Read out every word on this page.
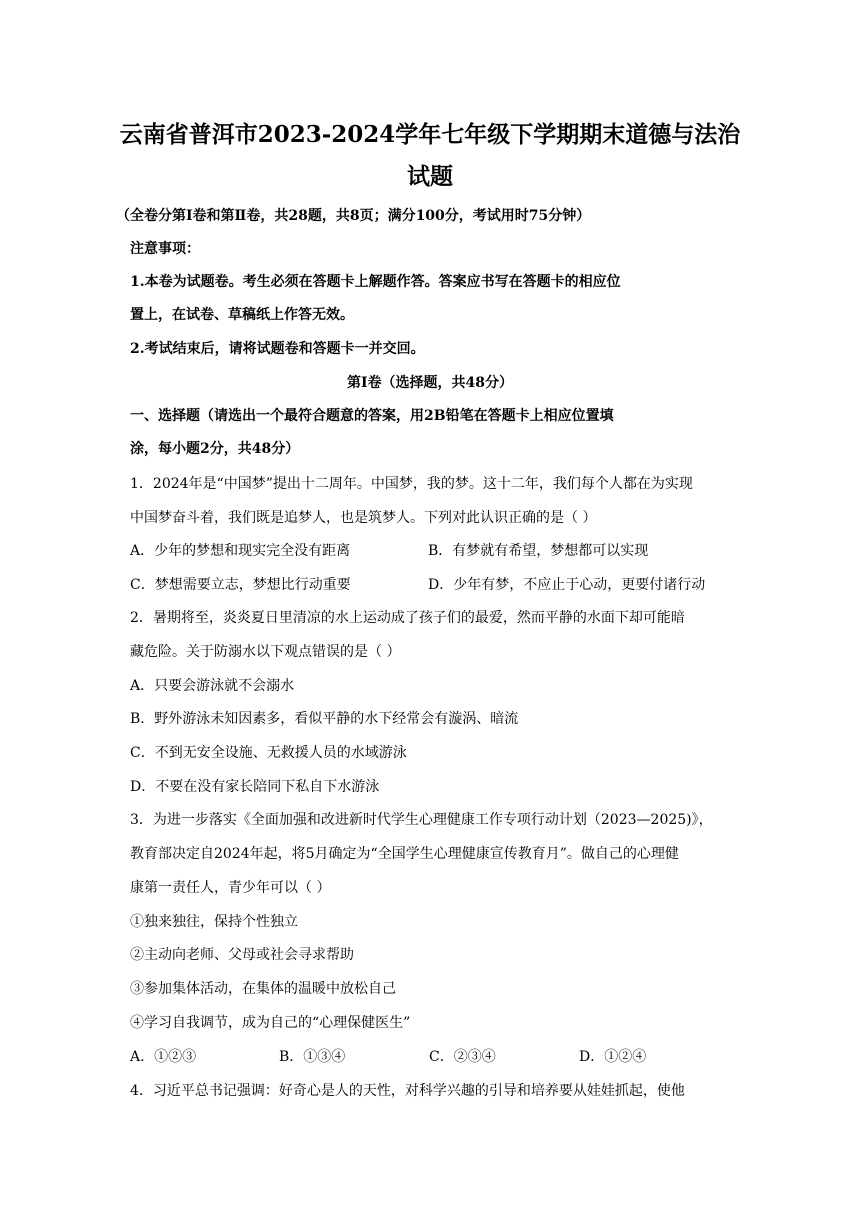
云南省普洱市2023-2024学年七年级下学期期末道德与法治
试题
（全卷分第Ⅰ卷和第Ⅱ卷，共28题，共8页；满分100分，考试用时75分钟）
注意事项：
1.本卷为试题卷。考生必须在答题卡上解题作答。答案应书写在答题卡的相应位
置上，在试卷、草稿纸上作答无效。
2.考试结束后，请将试题卷和答题卡一并交回。
第Ⅰ卷（选择题，共48分）
一、选择题（请选出一个最符合题意的答案，用2B铅笔在答题卡上相应位置填
涂，每小题2分，共48分）
1．2024年是“中国梦”提出十二周年。中国梦，我的梦。这十二年，我们每个人都在为实现
中国梦奋斗着，我们既是追梦人，也是筑梦人。下列对此认识正确的是（ ）
A．少年的梦想和现实完全没有距离	B．有梦就有希望，梦想都可以实现
C．梦想需要立志，梦想比行动重要	D．少年有梦，不应止于心动，更要付诸行动
2．暑期将至，炎炎夏日里清凉的水上运动成了孩子们的最爱，然而平静的水面下却可能暗
藏危险。关于防溺水以下观点错误的是（ ）
A．只要会游泳就不会溺水
B．野外游泳未知因素多，看似平静的水下经常会有漩涡、暗流
C．不到无安全设施、无救援人员的水域游泳
D．不要在没有家长陪同下私自下水游泳
3．为进一步落实《全面加强和改进新时代学生心理健康工作专项行动计划（2023—2025)》，
教育部决定自2024年起，将5月确定为“全国学生心理健康宣传教育月”。做自己的心理健
康第一责任人，青少年可以（ ）
①独来独往，保持个性独立
②主动向老师、父母或社会寻求帮助
③参加集体活动，在集体的温暖中放松自己
④学习自我调节，成为自己的“心理保健医生”
A．①②③	B．①③④	C．②③④	D．①②④
4．习近平总书记强调：好奇心是人的天性，对科学兴趣的引导和培养要从娃娃抓起，使他
